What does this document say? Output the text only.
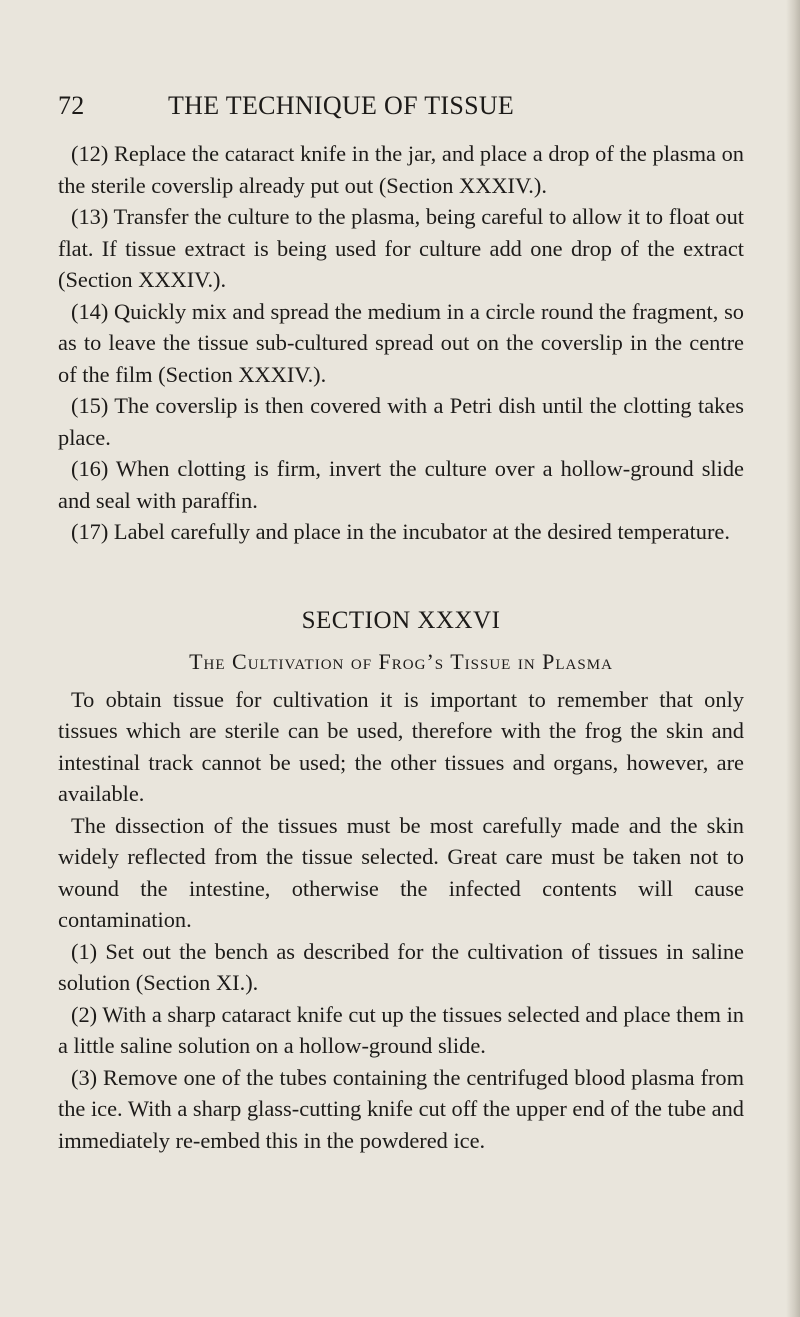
72	THE TECHNIQUE OF TISSUE

(12) Replace the cataract knife in the jar, and place a drop of the plasma on the sterile coverslip already put out (Section XXXIV.).

(13) Transfer the culture to the plasma, being careful to allow it to float out flat. If tissue extract is being used for culture add one drop of the extract (Section XXXIV.).

(14) Quickly mix and spread the medium in a circle round the fragment, so as to leave the tissue sub-cultured spread out on the coverslip in the centre of the film (Section XXXIV.).

(15) The coverslip is then covered with a Petri dish until the clotting takes place.

(16) When clotting is firm, invert the culture over a hollow-ground slide and seal with paraffin.

(17) Label carefully and place in the incubator at the desired temperature.

SECTION XXXVI
The Cultivation of Frog’s Tissue in Plasma

To obtain tissue for cultivation it is important to remember that only tissues which are sterile can be used, therefore with the frog the skin and intestinal track cannot be used; the other tissues and organs, however, are available.

The dissection of the tissues must be most carefully made and the skin widely reflected from the tissue selected. Great care must be taken not to wound the intestine, otherwise the infected contents will cause contamination.

(1) Set out the bench as described for the cultivation of tissues in saline solution (Section XI.).

(2) With a sharp cataract knife cut up the tissues selected and place them in a little saline solution on a hollow-ground slide.

(3) Remove one of the tubes containing the centrifuged blood plasma from the ice. With a sharp glass-cutting knife cut off the upper end of the tube and immediately re-embed this in the powdered ice.
